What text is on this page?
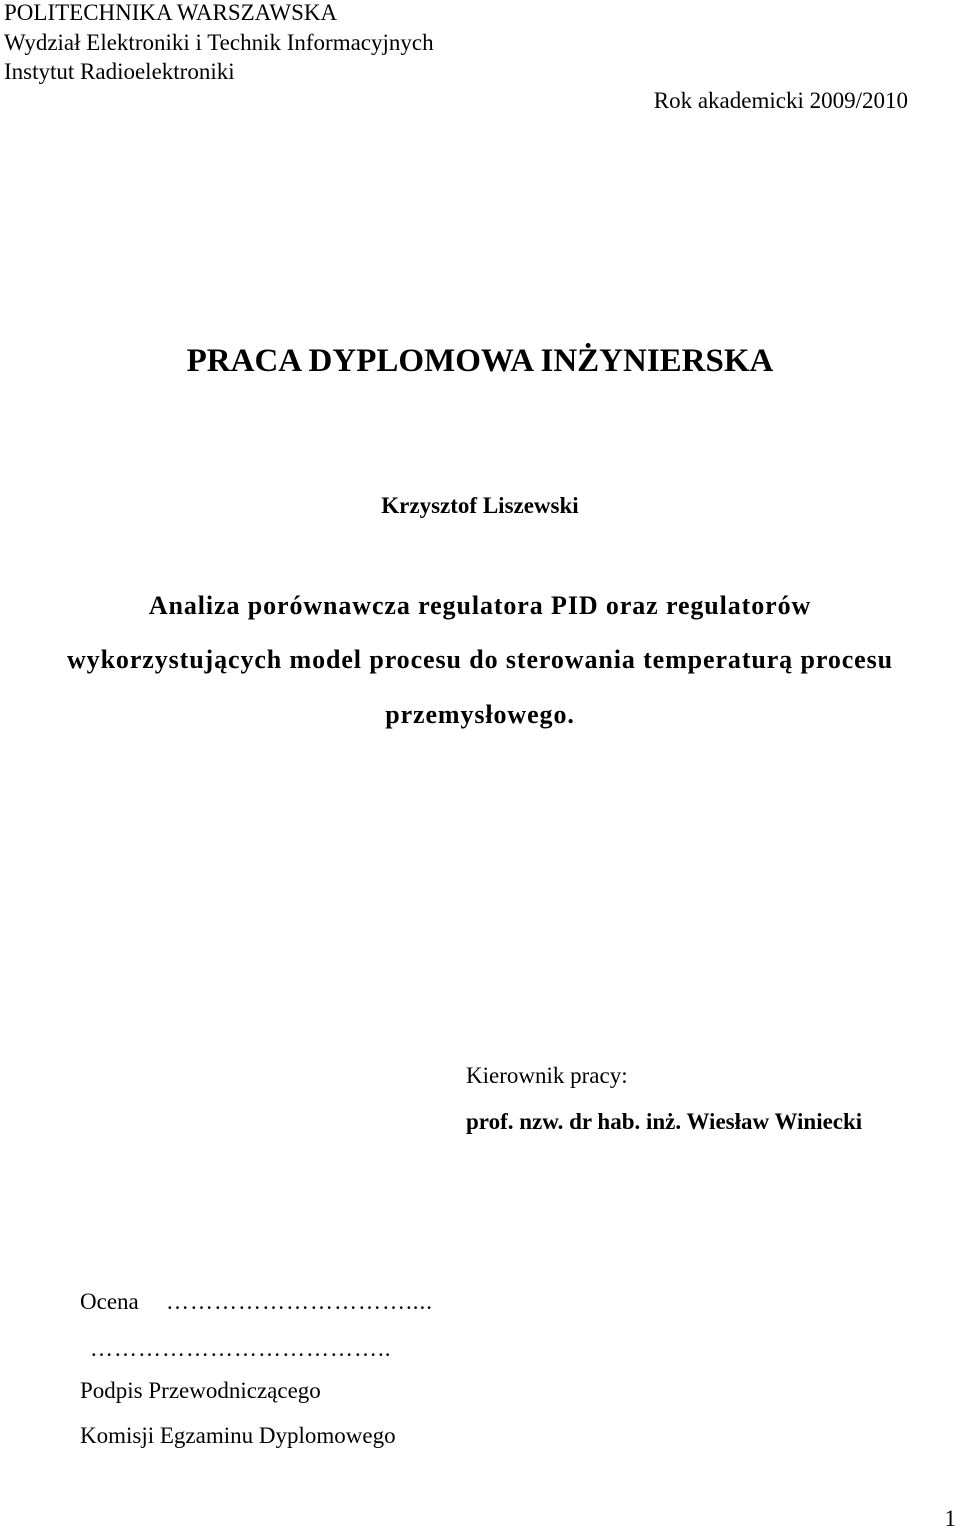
POLITECHNIKA WARSZAWSKA
Wydział Elektroniki i Technik Informacyjnych
Instytut Radioelektroniki
Rok akademicki 2009/2010
PRACA DYPLOMOWA INŻYNIERSKA
Krzysztof Liszewski
Analiza porównawcza regulatora PID oraz regulatorów
wykorzystujących model procesu do sterowania temperaturą procesu
przemysłowego.
Kierownik pracy:
prof. nzw. dr hab. inż. Wiesław Winiecki
Ocena …………………………....
………………………………..
Podpis Przewodniczącego
Komisji Egzaminu Dyplomowego
1
